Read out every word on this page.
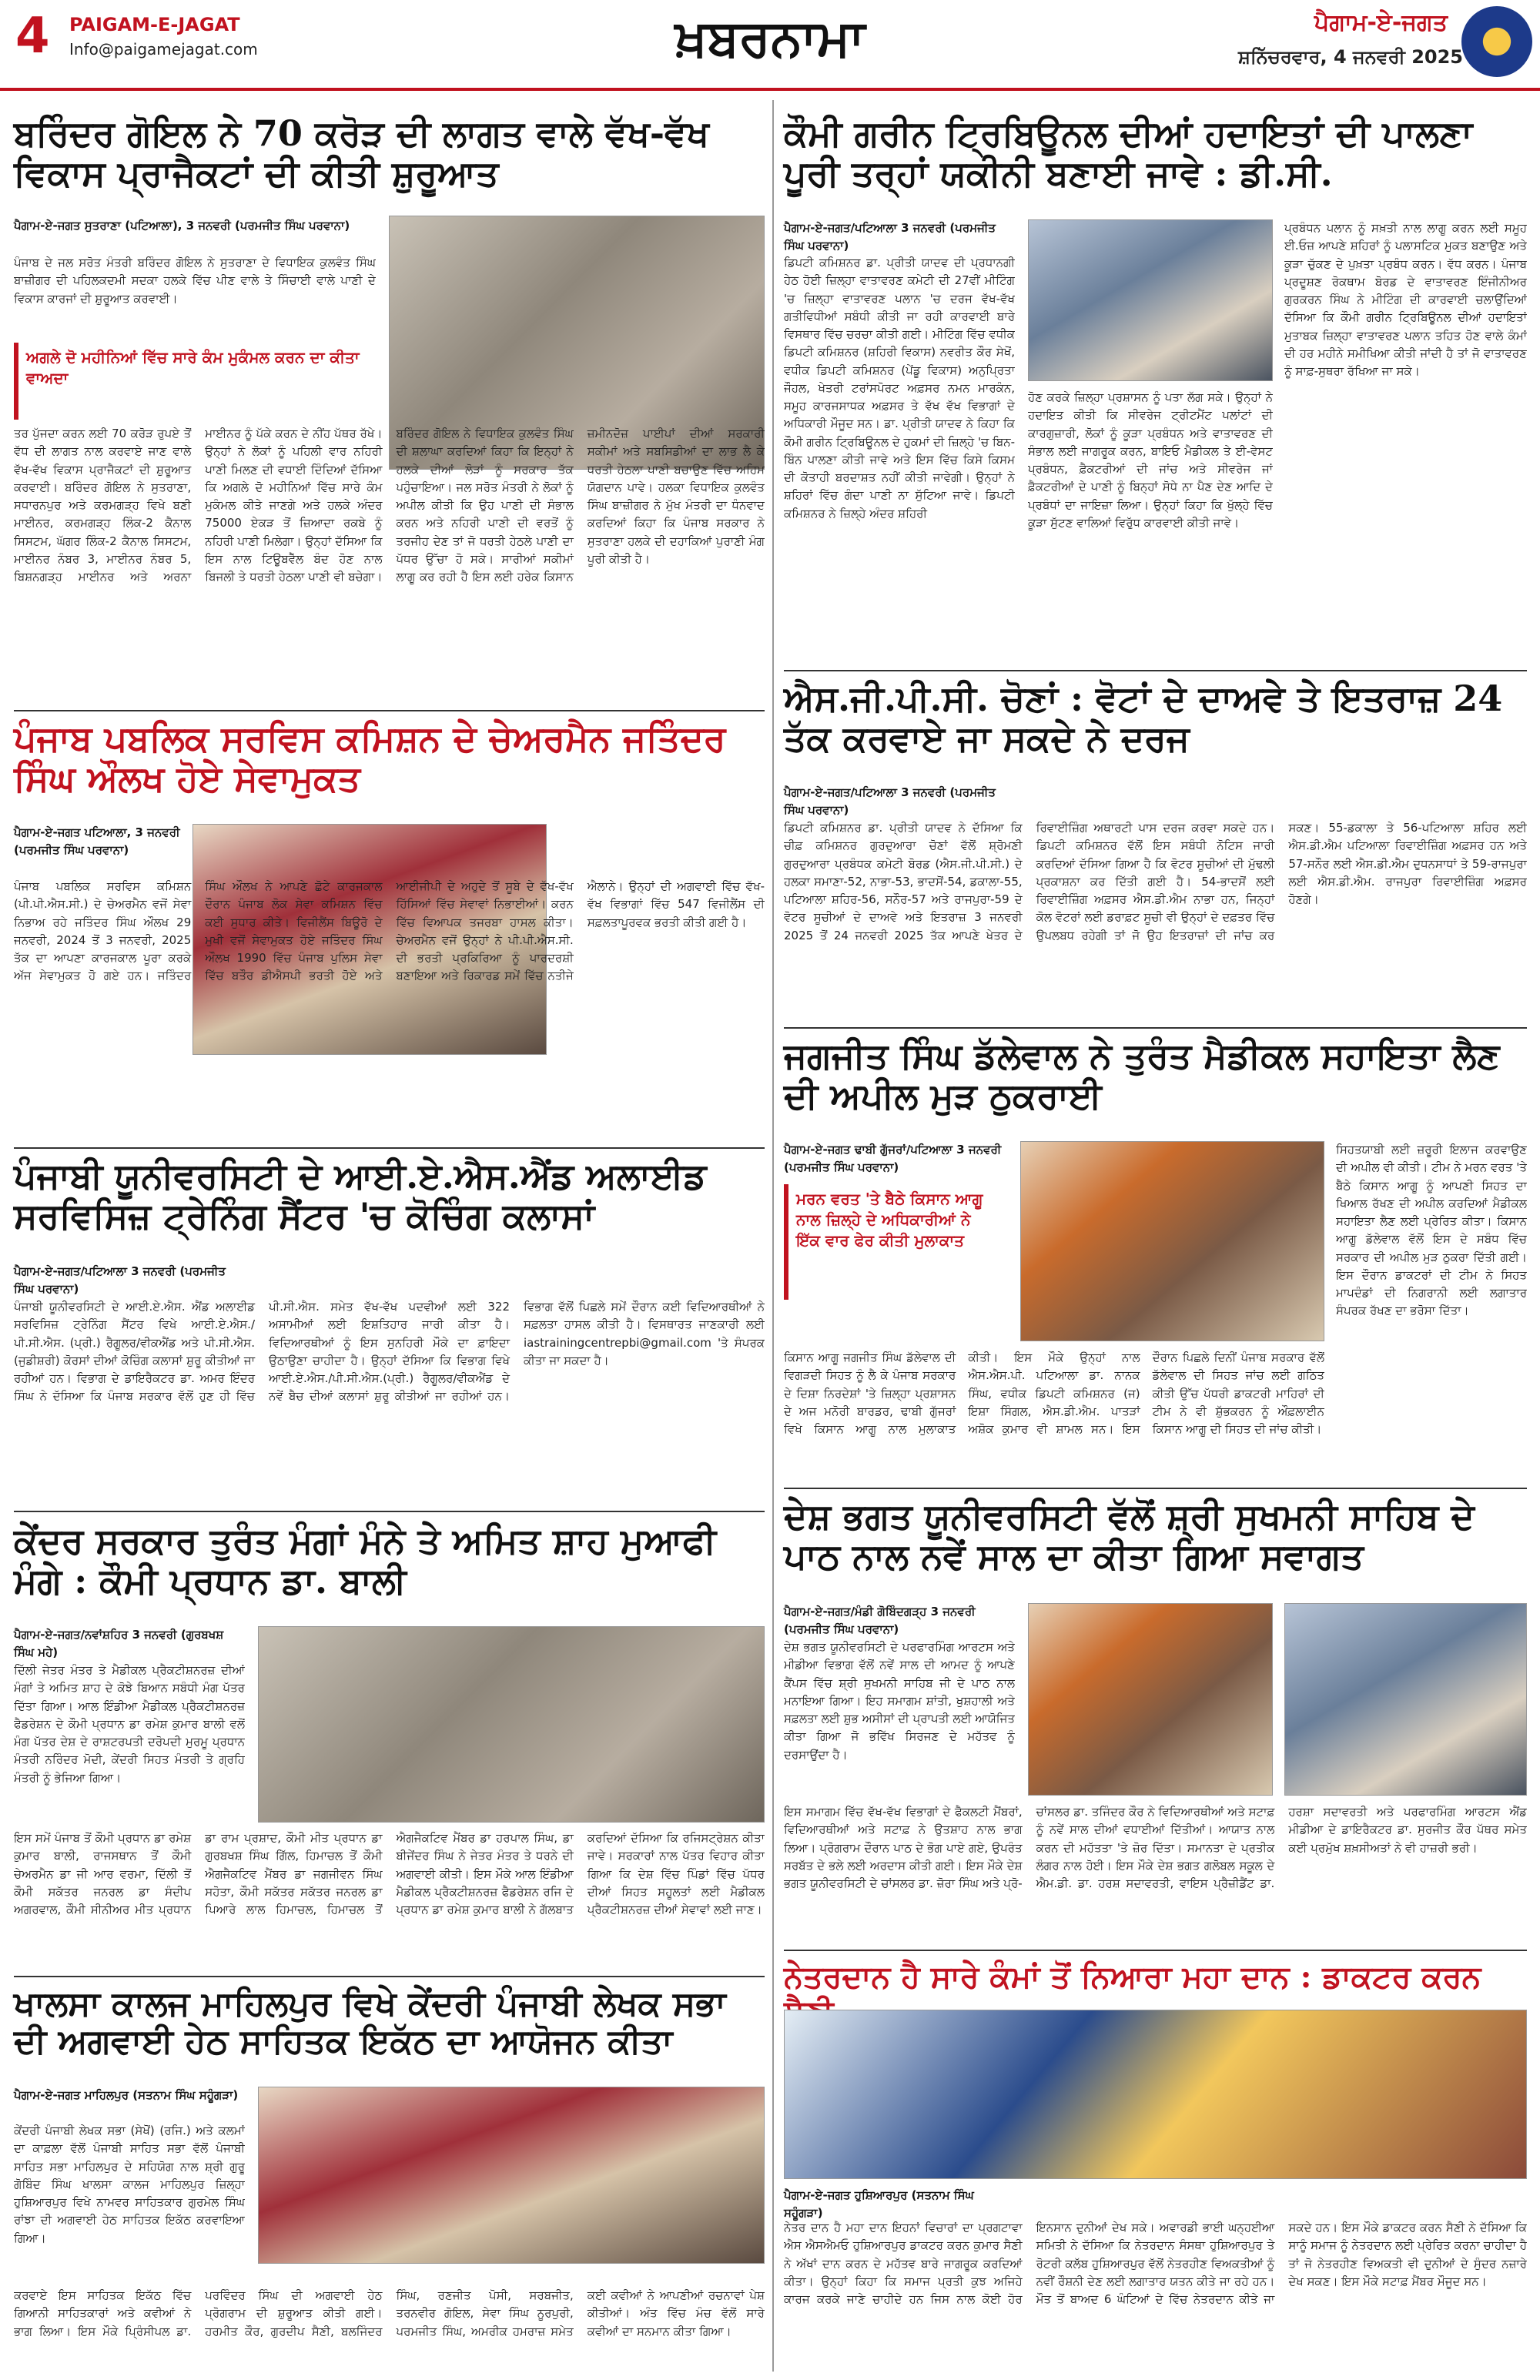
4 PAIGAM-E-JAGAT
Info@paigamejagat.com	ਖ਼ਬਰਨਾਮਾ	ਪੈਗਾਮ-ਏ-ਜਗਤ
ਸ਼ਨਿੱਚਰਵਾਰ, 4 ਜਨਵਰੀ 2025
ਬਰਿੰਦਰ ਗੋਇਲ ਨੇ 70 ਕਰੋੜ ਦੀ ਲਾਗਤ ਵਾਲੇ ਵੱਖ-ਵੱਖ ਵਿਕਾਸ ਪ੍ਰਾਜੈਕਟਾਂ ਦੀ ਕੀਤੀ ਸ਼ੁਰੂਆਤ
ਪੈਗਾਮ-ਏ-ਜਗਤ ਸੁਤਰਾਣਾ (ਪਟਿਆਲਾ), 3 ਜਨਵਰੀ (ਪਰਮਜੀਤ ਸਿੰਘ ਪਰਵਾਨਾ)
ਪੰਜਾਬ ਦੇ ਜਲ ਸਰੋਤ ਮੰਤਰੀ ਬਰਿੰਦਰ ਗੋਇਲ ਨੇ ਸੁਤਰਾਣਾ ਦੇ ਵਿਧਾਇਕ ਕੁਲਵੰਤ ਸਿੰਘ ਬਾਜ਼ੀਗਰ ਦੀ ਪਹਿਲਕਦਮੀ ਸਦਕਾ ਹਲਕੇ ਵਿੱਚ ਪੀਣ ਵਾਲੇ ਤੇ ਸਿੰਚਾਈ ਵਾਲੇ ਪਾਣੀ ਦੇ ਵਿਕਾਸ ਕਾਰਜਾਂ ਦੀ ਸ਼ੁਰੂਆਤ ਕਰਵਾਈ।
ਅਗਲੇ ਦੋ ਮਹੀਨਿਆਂ ਵਿੱਚ ਸਾਰੇ ਕੰਮ ਮੁਕੰਮਲ ਕਰਨ ਦਾ ਕੀਤਾ ਵਾਅਦਾ
ਤਰ ਪੁੱਜਦਾ ਕਰਨ ਲਈ 70 ਕਰੋੜ ਰੁਪਏ ਤੋਂ ਵੱਧ ਦੀ ਲਾਗਤ ਨਾਲ ਕਰਵਾਏ ਜਾਣ ਵਾਲੇ ਵੱਖ-ਵੱਖ ਵਿਕਾਸ ਪ੍ਰਾਜੈਕਟਾਂ ਦੀ ਸ਼ੁਰੂਆਤ ਕਰਵਾਈ। ਬਰਿੰਦਰ ਗੋਇਲ ਨੇ ਸੁਤਰਾਣਾ, ਸਧਾਰਨਪੁਰ ਅਤੇ ਕਰਮਗੜ੍ਹ ਵਿਖੇ ਬਣੀ ਮਾਈਨਰ, ਕਰਮਗੜ੍ਹ ਲਿੰਕ-2 ਕੈਨਾਲ ਸਿਸਟਮ, ਘੱਗਰ ਲਿੰਕ-2 ਕੈਨਾਲ ਸਿਸਟਮ, ਮਾਈਨਰ ਨੰਬਰ 3, ਮਾਈਨਰ ਨੰਬਰ 5, ਬਿਸ਼ਨਗੜ੍ਹ ਮਾਈਨਰ ਅਤੇ ਅਰਨਾ ਮਾਈਨਰ ਨੂੰ ਪੱਕੇ ਕਰਨ ਦੇ ਨੀਂਹ ਪੱਥਰ ਰੱਖੇ। ਉਨ੍ਹਾਂ ਨੇ ਲੋਕਾਂ ਨੂੰ ਪਹਿਲੀ ਵਾਰ ਨਹਿਰੀ ਪਾਣੀ ਮਿਲਣ ਦੀ ਵਧਾਈ ਦਿੰਦਿਆਂ ਦੱਸਿਆ ਕਿ ਅਗਲੇ ਦੋ ਮਹੀਨਿਆਂ ਵਿੱਚ ਸਾਰੇ ਕੰਮ ਮੁਕੰਮਲ ਕੀਤੇ ਜਾਣਗੇ ਅਤੇ ਹਲਕੇ ਅੰਦਰ 75000 ਏਕੜ ਤੋਂ ਜ਼ਿਆਦਾ ਰਕਬੇ ਨੂੰ ਨਹਿਰੀ ਪਾਣੀ ਮਿਲੇਗਾ। ਉਨ੍ਹਾਂ ਦੱਸਿਆ ਕਿ ਇਸ ਨਾਲ ਟਿਊਬਵੈੱਲ ਬੰਦ ਹੋਣ ਨਾਲ ਬਿਜਲੀ ਤੇ ਧਰਤੀ ਹੇਠਲਾ ਪਾਣੀ ਵੀ ਬਚੇਗਾ। ਬਰਿੰਦਰ ਗੋਇਲ ਨੇ ਵਿਧਾਇਕ ਕੁਲਵੰਤ ਸਿੰਘ ਦੀ ਸ਼ਲਾਘਾ ਕਰਦਿਆਂ ਕਿਹਾ ਕਿ ਇਨ੍ਹਾਂ ਨੇ ਹਲਕੇ ਦੀਆਂ ਲੋੜਾਂ ਨੂੰ ਸਰਕਾਰ ਤੱਕ ਪਹੁੰਚਾਇਆ। ਜਲ ਸਰੋਤ ਮੰਤਰੀ ਨੇ ਲੋਕਾਂ ਨੂੰ ਅਪੀਲ ਕੀਤੀ ਕਿ ਉਹ ਪਾਣੀ ਦੀ ਸੰਭਾਲ ਕਰਨ ਅਤੇ ਨਹਿਰੀ ਪਾਣੀ ਦੀ ਵਰਤੋਂ ਨੂੰ ਤਰਜੀਹ ਦੇਣ ਤਾਂ ਜੋ ਧਰਤੀ ਹੇਠਲੇ ਪਾਣੀ ਦਾ ਪੱਧਰ ਉੱਚਾ ਹੋ ਸਕੇ। ਸਾਰੀਆਂ ਸਕੀਮਾਂ ਲਾਗੂ ਕਰ ਰਹੀ ਹੈ ਇਸ ਲਈ ਹਰੇਕ ਕਿਸਾਨ ਜ਼ਮੀਨਦੋਜ਼ ਪਾਈਪਾਂ ਦੀਆਂ ਸਰਕਾਰੀ ਸਕੀਮਾਂ ਅਤੇ ਸਬਸਿਡੀਆਂ ਦਾ ਲਾਭ ਲੈ ਕੇ ਧਰਤੀ ਹੇਠਲਾ ਪਾਣੀ ਬਚਾਉਣ ਵਿੱਚ ਅਹਿਮ ਯੋਗਦਾਨ ਪਾਵੇ। ਹਲਕਾ ਵਿਧਾਇਕ ਕੁਲਵੰਤ ਸਿੰਘ ਬਾਜ਼ੀਗਰ ਨੇ ਮੁੱਖ ਮੰਤਰੀ ਦਾ ਧੰਨਵਾਦ ਕਰਦਿਆਂ ਕਿਹਾ ਕਿ ਪੰਜਾਬ ਸਰਕਾਰ ਨੇ ਸੁਤਰਾਣਾ ਹਲਕੇ ਦੀ ਦਹਾਕਿਆਂ ਪੁਰਾਣੀ ਮੰਗ ਪੂਰੀ ਕੀਤੀ ਹੈ।
ਕੌਮੀ ਗਰੀਨ ਟ੍ਰਿਬਿਊਨਲ ਦੀਆਂ ਹਦਾਇਤਾਂ ਦੀ ਪਾਲਣਾ ਪੂਰੀ ਤਰ੍ਹਾਂ ਯਕੀਨੀ ਬਣਾਈ ਜਾਵੇ : ਡੀ.ਸੀ.
ਪੈਗਾਮ-ਏ-ਜਗਤ/ਪਟਿਆਲਾ 3 ਜਨਵਰੀ (ਪਰਮਜੀਤ ਸਿੰਘ ਪਰਵਾਨਾ)
ਡਿਪਟੀ ਕਮਿਸ਼ਨਰ ਡਾ. ਪ੍ਰੀਤੀ ਯਾਦਵ ਦੀ ਪ੍ਰਧਾਨਗੀ ਹੇਠ ਹੋਈ ਜ਼ਿਲ੍ਹਾ ਵਾਤਾਵਰਣ ਕਮੇਟੀ ਦੀ 27ਵੀਂ ਮੀਟਿੰਗ 'ਚ ਜ਼ਿਲ੍ਹਾ ਵਾਤਾਵਰਣ ਪਲਾਨ 'ਚ ਦਰਜ ਵੱਖ-ਵੱਖ ਗਤੀਵਿਧੀਆਂ ਸਬੰਧੀ ਕੀਤੀ ਜਾ ਰਹੀ ਕਾਰਵਾਈ ਬਾਰੇ ਵਿਸਥਾਰ ਵਿੱਚ ਚਰਚਾ ਕੀਤੀ ਗਈ। ਮੀਟਿੰਗ ਵਿੱਚ ਵਧੀਕ ਡਿਪਟੀ ਕਮਿਸ਼ਨਰ (ਸ਼ਹਿਰੀ ਵਿਕਾਸ) ਨਵਰੀਤ ਕੌਰ ਸੇਖੋਂ, ਵਧੀਕ ਡਿਪਟੀ ਕਮਿਸ਼ਨਰ (ਪੇਂਡੂ ਵਿਕਾਸ) ਅਨੁਪ੍ਰਿਤਾ ਜੌਹਲ, ਖੇਤਰੀ ਟਰਾਂਸਪੋਰਟ ਅਫ਼ਸਰ ਨਮਨ ਮਾਰਕੰਨ, ਸਮੂਹ ਕਾਰਜਸਾਧਕ ਅਫ਼ਸਰ ਤੇ ਵੱਖ ਵੱਖ ਵਿਭਾਗਾਂ ਦੇ ਅਧਿਕਾਰੀ ਮੌਜੂਦ ਸਨ। ਡਾ. ਪ੍ਰੀਤੀ ਯਾਦਵ ਨੇ ਕਿਹਾ ਕਿ ਕੌਮੀ ਗਰੀਨ ਟ੍ਰਿਬਿਊਨਲ ਦੇ ਹੁਕਮਾਂ ਦੀ ਜ਼ਿਲ੍ਹੇ 'ਚ ਬਿਨ-ਬਿੰਨ ਪਾਲਣਾ ਕੀਤੀ ਜਾਵੇ ਅਤੇ ਇਸ ਵਿੱਚ ਕਿਸੇ ਕਿਸਮ ਦੀ ਕੋਤਾਹੀ ਬਰਦਾਸ਼ਤ ਨਹੀਂ ਕੀਤੀ ਜਾਵੇਗੀ। ਉਨ੍ਹਾਂ ਨੇ ਸ਼ਹਿਰਾਂ ਵਿੱਚ ਗੰਦਾ ਪਾਣੀ ਨਾ ਸੁੱਟਿਆ ਜਾਵੇ। ਡਿਪਟੀ ਕਮਿਸ਼ਨਰ ਨੇ ਜ਼ਿਲ੍ਹੇ ਅੰਦਰ ਸ਼ਹਿਰੀ
ਹੋਣ ਕਰਕੇ ਜ਼ਿਲ੍ਹਾ ਪ੍ਰਸ਼ਾਸਨ ਨੂੰ ਪਤਾ ਲੱਗ ਸਕੇ। ਉਨ੍ਹਾਂ ਨੇ ਹਦਾਇਤ ਕੀਤੀ ਕਿ ਸੀਵਰੇਜ ਟ੍ਰੀਟਮੈਂਟ ਪਲਾਂਟਾਂ ਦੀ ਕਾਰਗੁਜ਼ਾਰੀ, ਲੋਕਾਂ ਨੂੰ ਕੂੜਾ ਪ੍ਰਬੰਧਨ ਅਤੇ ਵਾਤਾਵਰਣ ਦੀ ਸੰਭਾਲ ਲਈ ਜਾਗਰੂਕ ਕਰਨ, ਬਾਇਓ ਮੈਡੀਕਲ ਤੇ ਈ-ਵੇਸਟ ਪ੍ਰਬੰਧਨ, ਫ਼ੈਕਟਰੀਆਂ ਦੀ ਜਾਂਚ ਅਤੇ ਸੀਵਰੇਜ ਜਾਂ ਫ਼ੈਕਟਰੀਆਂ ਦੇ ਪਾਣੀ ਨੂੰ ਬਿਨ੍ਹਾਂ ਸੋਧੇ ਨਾ ਪੈਣ ਦੇਣ ਆਦਿ ਦੇ ਪ੍ਰਬੰਧਾਂ ਦਾ ਜਾਇਜ਼ਾ ਲਿਆ। ਉਨ੍ਹਾਂ ਕਿਹਾ ਕਿ ਖੁੱਲ੍ਹੇ ਵਿੱਚ ਕੂੜਾ ਸੁੱਟਣ ਵਾਲਿਆਂ ਵਿਰੁੱਧ ਕਾਰਵਾਈ ਕੀਤੀ ਜਾਵੇ।
ਪ੍ਰਬੰਧਨ ਪਲਾਨ ਨੂੰ ਸਖ਼ਤੀ ਨਾਲ ਲਾਗੂ ਕਰਨ ਲਈ ਸਮੂਹ ਈ.ਓਜ਼ ਆਪਣੇ ਸ਼ਹਿਰਾਂ ਨੂੰ ਪਲਾਸਟਿਕ ਮੁਕਤ ਬਣਾਉਣ ਅਤੇ ਕੂੜਾ ਚੁੱਕਣ ਦੇ ਪੁਖ਼ਤਾ ਪ੍ਰਬੰਧ ਕਰਨ। ਵੱਧ ਕਰਨ। ਪੰਜਾਬ ਪ੍ਰਦੂਸ਼ਣ ਰੋਕਥਾਮ ਬੋਰਡ ਦੇ ਵਾਤਾਵਰਣ ਇੰਜੀਨੀਅਰ ਗੁਰਕਰਨ ਸਿੰਘ ਨੇ ਮੀਟਿੰਗ ਦੀ ਕਾਰਵਾਈ ਚਲਾਉਂਦਿਆਂ ਦੱਸਿਆ ਕਿ ਕੌਮੀ ਗਰੀਨ ਟ੍ਰਿਬਿਊਨਲ ਦੀਆਂ ਹਦਾਇਤਾਂ ਮੁਤਾਬਕ ਜ਼ਿਲ੍ਹਾ ਵਾਤਾਵਰਣ ਪਲਾਨ ਤਹਿਤ ਹੋਣ ਵਾਲੇ ਕੰਮਾਂ ਦੀ ਹਰ ਮਹੀਨੇ ਸਮੀਖਿਆ ਕੀਤੀ ਜਾਂਦੀ ਹੈ ਤਾਂ ਜੋ ਵਾਤਾਵਰਣ ਨੂੰ ਸਾਫ਼-ਸੁਥਰਾ ਰੱਖਿਆ ਜਾ ਸਕੇ।
ਐਸ.ਜੀ.ਪੀ.ਸੀ. ਚੋਣਾਂ : ਵੋਟਾਂ ਦੇ ਦਾਅਵੇ ਤੇ ਇਤਰਾਜ਼ 24 ਤੱਕ ਕਰਵਾਏ ਜਾ ਸਕਦੇ ਨੇ ਦਰਜ
ਪੈਗਾਮ-ਏ-ਜਗਤ/ਪਟਿਆਲਾ 3 ਜਨਵਰੀ (ਪਰਮਜੀਤ ਸਿੰਘ ਪਰਵਾਨਾ)
ਡਿਪਟੀ ਕਮਿਸ਼ਨਰ ਡਾ. ਪ੍ਰੀਤੀ ਯਾਦਵ ਨੇ ਦੱਸਿਆ ਕਿ ਚੀਫ਼ ਕਮਿਸ਼ਨਰ ਗੁਰਦੁਆਰਾ ਚੋਣਾਂ ਵੱਲੋਂ ਸ਼੍ਰੋਮਣੀ ਗੁਰਦੁਆਰਾ ਪ੍ਰਬੰਧਕ ਕਮੇਟੀ ਬੋਰਡ (ਐਸ.ਜੀ.ਪੀ.ਸੀ.) ਦੇ ਹਲਕਾ ਸਮਾਣਾ-52, ਨਾਭਾ-53, ਭਾਦਸੋਂ-54, ਡਕਾਲਾ-55, ਪਟਿਆਲਾ ਸ਼ਹਿਰ-56, ਸਨੌਰ-57 ਅਤੇ ਰਾਜਪੁਰਾ-59 ਦੇ ਵੋਟਰ ਸੂਚੀਆਂ ਦੇ ਦਾਅਵੇ ਅਤੇ ਇਤਰਾਜ਼ 3 ਜਨਵਰੀ 2025 ਤੋਂ 24 ਜਨਵਰੀ 2025 ਤੱਕ ਆਪਣੇ ਖੇਤਰ ਦੇ ਰਿਵਾਈਜ਼ਿੰਗ ਅਥਾਰਟੀ ਪਾਸ ਦਰਜ ਕਰਵਾ ਸਕਦੇ ਹਨ। ਡਿਪਟੀ ਕਮਿਸ਼ਨਰ ਵੱਲੋਂ ਇਸ ਸਬੰਧੀ ਨੋਟਿਸ ਜਾਰੀ ਕਰਦਿਆਂ ਦੱਸਿਆ ਗਿਆ ਹੈ ਕਿ ਵੋਟਰ ਸੂਚੀਆਂ ਦੀ ਮੁੱਢਲੀ ਪ੍ਰਕਾਸ਼ਨਾ ਕਰ ਦਿੱਤੀ ਗਈ ਹੈ। 54-ਭਾਦਸੋਂ ਲਈ ਰਿਵਾਈਜ਼ਿੰਗ ਅਫ਼ਸਰ ਐਸ.ਡੀ.ਐਮ ਨਾਭਾ ਹਨ, ਜਿਨ੍ਹਾਂ ਕੋਲ ਵੋਟਰਾਂ ਲਈ ਡਰਾਫ਼ਟ ਸੂਚੀ ਵੀ ਉਨ੍ਹਾਂ ਦੇ ਦਫ਼ਤਰ ਵਿੱਚ ਉਪਲਬਧ ਰਹੇਗੀ ਤਾਂ ਜੋ ਉਹ ਇਤਰਾਜ਼ਾਂ ਦੀ ਜਾਂਚ ਕਰ ਸਕਣ। 55-ਡਕਾਲਾ ਤੇ 56-ਪਟਿਆਲਾ ਸ਼ਹਿਰ ਲਈ ਐਸ.ਡੀ.ਐਮ ਪਟਿਆਲਾ ਰਿਵਾਈਜ਼ਿੰਗ ਅਫ਼ਸਰ ਹਨ ਅਤੇ 57-ਸਨੌਰ ਲਈ ਐਸ.ਡੀ.ਐਮ ਦੁਧਨਸਾਧਾਂ ਤੇ 59-ਰਾਜਪੁਰਾ ਲਈ ਐਸ.ਡੀ.ਐਮ. ਰਾਜਪੁਰਾ ਰਿਵਾਈਜ਼ਿੰਗ ਅਫ਼ਸਰ ਹੋਣਗੇ।
ਪੰਜਾਬ ਪਬਲਿਕ ਸਰਵਿਸ ਕਮਿਸ਼ਨ ਦੇ ਚੇਅਰਮੈਨ ਜਤਿੰਦਰ ਸਿੰਘ ਔਲਖ ਹੋਏ ਸੇਵਾਮੁਕਤ
ਪੈਗਾਮ-ਏ-ਜਗਤ ਪਟਿਆਲਾ, 3 ਜਨਵਰੀ (ਪਰਮਜੀਤ ਸਿੰਘ ਪਰਵਾਨਾ)
ਪੰਜਾਬ ਪਬਲਿਕ ਸਰਵਿਸ ਕਮਿਸ਼ਨ (ਪੀ.ਪੀ.ਐਸ.ਸੀ.) ਦੇ ਚੇਅਰਮੈਨ ਵਜੋਂ ਸੇਵਾ ਨਿਭਾਅ ਰਹੇ ਜਤਿੰਦਰ ਸਿੰਘ ਔਲਖ 29 ਜਨਵਰੀ, 2024 ਤੋਂ 3 ਜਨਵਰੀ, 2025 ਤੱਕ ਦਾ ਆਪਣਾ ਕਾਰਜਕਾਲ ਪੂਰਾ ਕਰਕੇ ਅੱਜ ਸੇਵਾਮੁਕਤ ਹੋ ਗਏ ਹਨ। ਜਤਿੰਦਰ ਸਿੰਘ ਔਲਖ ਨੇ ਆਪਣੇ ਛੋਟੇ ਕਾਰਜਕਾਲ ਦੌਰਾਨ ਪੰਜਾਬ ਲੋਕ ਸੇਵਾ ਕਮਿਸ਼ਨ ਵਿੱਚ ਕਈ ਸੁਧਾਰ ਕੀਤੇ। ਵਿਜੀਲੈਂਸ ਬਿਊਰੋ ਦੇ ਮੁਖੀ ਵਜੋਂ ਸੇਵਾਮੁਕਤ ਹੋਏ ਜਤਿੰਦਰ ਸਿੰਘ ਔਲਖ 1990 ਵਿੱਚ ਪੰਜਾਬ ਪੁਲਿਸ ਸੇਵਾ ਵਿੱਚ ਬਤੌਰ ਡੀਐਸਪੀ ਭਰਤੀ ਹੋਏ ਅਤੇ ਆਈਜੀਪੀ ਦੇ ਅਹੁਦੇ ਤੋਂ ਸੂਬੇ ਦੇ ਵੱਖ-ਵੱਖ ਹਿੱਸਿਆਂ ਵਿੱਚ ਸੇਵਾਵਾਂ ਨਿਭਾਈਆਂ। ਕਰਨ ਵਿੱਚ ਵਿਆਪਕ ਤਜਰਬਾ ਹਾਸਲ ਕੀਤਾ। ਚੇਅਰਮੈਨ ਵਜੋਂ ਉਨ੍ਹਾਂ ਨੇ ਪੀ.ਪੀ.ਐਸ.ਸੀ. ਦੀ ਭਰਤੀ ਪ੍ਰਕਿਰਿਆ ਨੂੰ ਪਾਰਦਰਸ਼ੀ ਬਣਾਇਆ ਅਤੇ ਰਿਕਾਰਡ ਸਮੇਂ ਵਿੱਚ ਨਤੀਜੇ ਐਲਾਨੇ। ਉਨ੍ਹਾਂ ਦੀ ਅਗਵਾਈ ਵਿੱਚ ਵੱਖ-ਵੱਖ ਵਿਭਾਗਾਂ ਵਿੱਚ 547 ਵਿਜੀਲੈਂਸ ਦੀ ਸਫ਼ਲਤਾਪੂਰਵਕ ਭਰਤੀ ਕੀਤੀ ਗਈ ਹੈ।
ਜਗਜੀਤ ਸਿੰਘ ਡੱਲੇਵਾਲ ਨੇ ਤੁਰੰਤ ਮੈਡੀਕਲ ਸਹਾਇਤਾ ਲੈਣ ਦੀ ਅਪੀਲ ਮੁੜ ਠੁਕਰਾਈ
ਪੈਗਾਮ-ਏ-ਜਗਤ ਢਾਬੀ ਗੁੱਜਰਾਂ/ਪਟਿਆਲਾ 3 ਜਨਵਰੀ (ਪਰਮਜੀਤ ਸਿੰਘ ਪਰਵਾਨਾ)
ਮਰਨ ਵਰਤ 'ਤੇ ਬੈਠੇ ਕਿਸਾਨ ਆਗੂ ਨਾਲ ਜ਼ਿਲ੍ਹੇ ਦੇ ਅਧਿਕਾਰੀਆਂ ਨੇ ਇੱਕ ਵਾਰ ਫੇਰ ਕੀਤੀ ਮੁਲਾਕਾਤ
ਕਿਸਾਨ ਆਗੂ ਜਗਜੀਤ ਸਿੰਘ ਡੱਲੇਵਾਲ ਦੀ ਵਿਗੜਦੀ ਸਿਹਤ ਨੂੰ ਲੈ ਕੇ ਪੰਜਾਬ ਸਰਕਾਰ ਦੇ ਦਿਸ਼ਾ ਨਿਰਦੇਸ਼ਾਂ 'ਤੇ ਜ਼ਿਲ੍ਹਾ ਪ੍ਰਸ਼ਾਸਨ ਦੇ ਅਜ ਮਨੋਰੀ ਬਾਰਡਰ, ਢਾਬੀ ਗੁੱਜਰਾਂ ਵਿਖੇ ਕਿਸਾਨ ਆਗੂ ਨਾਲ ਮੁਲਾਕਾਤ ਕੀਤੀ। ਇਸ ਮੌਕੇ ਉਨ੍ਹਾਂ ਨਾਲ ਐਸ.ਐਸ.ਪੀ. ਪਟਿਆਲਾ ਡਾ. ਨਾਨਕ ਸਿੰਘ, ਵਧੀਕ ਡਿਪਟੀ ਕਮਿਸ਼ਨਰ (ਜ) ਇਸ਼ਾ ਸਿੰਗਲ, ਐਸ.ਡੀ.ਐਮ. ਪਾਤੜਾਂ ਅਸ਼ੋਕ ਕੁਮਾਰ ਵੀ ਸ਼ਾਮਲ ਸਨ। ਇਸ ਦੌਰਾਨ ਪਿਛਲੇ ਦਿਨੀਂ ਪੰਜਾਬ ਸਰਕਾਰ ਵੱਲੋਂ ਡੱਲੇਵਾਲ ਦੀ ਸਿਹਤ ਜਾਂਚ ਲਈ ਗਠਿਤ ਕੀਤੀ ਉੱਚ ਪੱਧਰੀ ਡਾਕਟਰੀ ਮਾਹਿਰਾਂ ਦੀ ਟੀਮ ਨੇ ਵੀ ਸ਼ੁੱਭਕਰਨ ਨੂੰ ਔਫ਼ਲਾਈਨ ਕਿਸਾਨ ਆਗੂ ਦੀ ਸਿਹਤ ਦੀ ਜਾਂਚ ਕੀਤੀ।
ਸਿਹਤਯਾਬੀ ਲਈ ਜ਼ਰੂਰੀ ਇਲਾਜ ਕਰਵਾਉਣ ਦੀ ਅਪੀਲ ਵੀ ਕੀਤੀ। ਟੀਮ ਨੇ ਮਰਨ ਵਰਤ 'ਤੇ ਬੈਠੇ ਕਿਸਾਨ ਆਗੂ ਨੂੰ ਆਪਣੀ ਸਿਹਤ ਦਾ ਖਿਆਲ ਰੱਖਣ ਦੀ ਅਪੀਲ ਕਰਦਿਆਂ ਮੈਡੀਕਲ ਸਹਾਇਤਾ ਲੈਣ ਲਈ ਪ੍ਰੇਰਿਤ ਕੀਤਾ। ਕਿਸਾਨ ਆਗੂ ਡੱਲੇਵਾਲ ਵੱਲੋਂ ਇਸ ਦੇ ਸਬੰਧ ਵਿੱਚ ਸਰਕਾਰ ਦੀ ਅਪੀਲ ਮੁੜ ਠੁਕਰਾ ਦਿੱਤੀ ਗਈ। ਇਸ ਦੌਰਾਨ ਡਾਕਟਰਾਂ ਦੀ ਟੀਮ ਨੇ ਸਿਹਤ ਮਾਪਦੰਡਾਂ ਦੀ ਨਿਗਰਾਨੀ ਲਈ ਲਗਾਤਾਰ ਸੰਪਰਕ ਰੱਖਣ ਦਾ ਭਰੋਸਾ ਦਿੱਤਾ।
ਪੰਜਾਬੀ ਯੂਨੀਵਰਸਿਟੀ ਦੇ ਆਈ.ਏ.ਐਸ.ਐਂਡ ਅਲਾਈਡ ਸਰਵਿਸਿਜ਼ ਟ੍ਰੇਨਿੰਗ ਸੈਂਟਰ 'ਚ ਕੋਚਿੰਗ ਕਲਾਸਾਂ
ਪੈਗਾਮ-ਏ-ਜਗਤ/ਪਟਿਆਲਾ 3 ਜਨਵਰੀ (ਪਰਮਜੀਤ ਸਿੰਘ ਪਰਵਾਨਾ)
ਪੰਜਾਬੀ ਯੂਨੀਵਰਸਿਟੀ ਦੇ ਆਈ.ਏ.ਐਸ. ਐਂਡ ਅਲਾਈਡ ਸਰਵਿਸਿਜ਼ ਟ੍ਰੇਨਿੰਗ ਸੈਂਟਰ ਵਿਖੇ ਆਈ.ਏ.ਐਸ./ਪੀ.ਸੀ.ਐਸ. (ਪ੍ਰੀ.) ਰੈਗੂਲਰ/ਵੀਕਐਂਡ ਅਤੇ ਪੀ.ਸੀ.ਐਸ. (ਜੁਡੀਸ਼ਰੀ) ਕੋਰਸਾਂ ਦੀਆਂ ਕੋਚਿੰਗ ਕਲਾਸਾਂ ਸ਼ੁਰੂ ਕੀਤੀਆਂ ਜਾ ਰਹੀਆਂ ਹਨ। ਵਿਭਾਗ ਦੇ ਡਾਇਰੈਕਟਰ ਡਾ. ਅਮਰ ਇੰਦਰ ਸਿੰਘ ਨੇ ਦੱਸਿਆ ਕਿ ਪੰਜਾਬ ਸਰਕਾਰ ਵੱਲੋਂ ਹੁਣ ਹੀ ਵਿੱਚ ਪੀ.ਸੀ.ਐਸ. ਸਮੇਤ ਵੱਖ-ਵੱਖ ਪਦਵੀਆਂ ਲਈ 322 ਅਸਾਮੀਆਂ ਲਈ ਇਸ਼ਤਿਹਾਰ ਜਾਰੀ ਕੀਤਾ ਹੈ। ਵਿਦਿਆਰਥੀਆਂ ਨੂੰ ਇਸ ਸੁਨਹਿਰੀ ਮੌਕੇ ਦਾ ਫ਼ਾਇਦਾ ਉਠਾਉਣਾ ਚਾਹੀਦਾ ਹੈ। ਉਨ੍ਹਾਂ ਦੱਸਿਆ ਕਿ ਵਿਭਾਗ ਵਿਖੇ ਆਈ.ਏ.ਐਸ./ਪੀ.ਸੀ.ਐਸ.(ਪ੍ਰੀ.) ਰੈਗੂਲਰ/ਵੀਕਐਂਡ ਦੇ ਨਵੇਂ ਬੈਚ ਦੀਆਂ ਕਲਾਸਾਂ ਸ਼ੁਰੂ ਕੀਤੀਆਂ ਜਾ ਰਹੀਆਂ ਹਨ। ਵਿਭਾਗ ਵੱਲੋਂ ਪਿਛਲੇ ਸਮੇਂ ਦੌਰਾਨ ਕਈ ਵਿਦਿਆਰਥੀਆਂ ਨੇ ਸਫ਼ਲਤਾ ਹਾਸਲ ਕੀਤੀ ਹੈ। ਵਿਸਥਾਰਤ ਜਾਣਕਾਰੀ ਲਈ iastrainingcentrepbi@gmail.com 'ਤੇ ਸੰਪਰਕ ਕੀਤਾ ਜਾ ਸਕਦਾ ਹੈ।
ਦੇਸ਼ ਭਗਤ ਯੂਨੀਵਰਸਿਟੀ ਵੱਲੋਂ ਸ਼੍ਰੀ ਸੁਖਮਨੀ ਸਾਹਿਬ ਦੇ ਪਾਠ ਨਾਲ ਨਵੇਂ ਸਾਲ ਦਾ ਕੀਤਾ ਗਿਆ ਸਵਾਗਤ
ਪੈਗਾਮ-ਏ-ਜਗਤ/ਮੰਡੀ ਗੋਬਿੰਦਗੜ੍ਹ 3 ਜਨਵਰੀ (ਪਰਮਜੀਤ ਸਿੰਘ ਪਰਵਾਨਾ)
ਦੇਸ਼ ਭਗਤ ਯੂਨੀਵਰਸਿਟੀ ਦੇ ਪਰਫਾਰਮਿੰਗ ਆਰਟਸ ਅਤੇ ਮੀਡੀਆ ਵਿਭਾਗ ਵੱਲੋਂ ਨਵੇਂ ਸਾਲ ਦੀ ਆਮਦ ਨੂੰ ਆਪਣੇ ਕੈਂਪਸ ਵਿੱਚ ਸ਼੍ਰੀ ਸੁਖਮਨੀ ਸਾਹਿਬ ਜੀ ਦੇ ਪਾਠ ਨਾਲ ਮਨਾਇਆ ਗਿਆ। ਇਹ ਸਮਾਗਮ ਸ਼ਾਂਤੀ, ਖੁਸ਼ਹਾਲੀ ਅਤੇ ਸਫ਼ਲਤਾ ਲਈ ਸ਼ੁਭ ਅਸੀਸਾਂ ਦੀ ਪ੍ਰਾਪਤੀ ਲਈ ਆਯੋਜਿਤ ਕੀਤਾ ਗਿਆ ਜੋ ਭਵਿੱਖ ਸਿਰਜਣ ਦੇ ਮਹੱਤਵ ਨੂੰ ਦਰਸਾਉਂਦਾ ਹੈ।
ਇਸ ਸਮਾਗਮ ਵਿੱਚ ਵੱਖ-ਵੱਖ ਵਿਭਾਗਾਂ ਦੇ ਫੈਕਲਟੀ ਮੈਂਬਰਾਂ, ਵਿਦਿਆਰਥੀਆਂ ਅਤੇ ਸਟਾਫ਼ ਨੇ ਉਤਸ਼ਾਹ ਨਾਲ ਭਾਗ ਲਿਆ। ਪ੍ਰੋਗਰਾਮ ਦੌਰਾਨ ਪਾਠ ਦੇ ਭੋਗ ਪਾਏ ਗਏ, ਉਪਰੰਤ ਸਰਬੱਤ ਦੇ ਭਲੇ ਲਈ ਅਰਦਾਸ ਕੀਤੀ ਗਈ। ਇਸ ਮੌਕੇ ਦੇਸ਼ ਭਗਤ ਯੂਨੀਵਰਸਿਟੀ ਦੇ ਚਾਂਸਲਰ ਡਾ. ਜ਼ੋਰਾ ਸਿੰਘ ਅਤੇ ਪ੍ਰੋ-ਚਾਂਸਲਰ ਡਾ. ਤਜਿੰਦਰ ਕੌਰ ਨੇ ਵਿਦਿਆਰਥੀਆਂ ਅਤੇ ਸਟਾਫ਼ ਨੂੰ ਨਵੇਂ ਸਾਲ ਦੀਆਂ ਵਧਾਈਆਂ ਦਿੱਤੀਆਂ। ਆਯਾਤ ਨਾਲ ਕਰਨ ਦੀ ਮਹੱਤਤਾ 'ਤੇ ਜ਼ੋਰ ਦਿੱਤਾ। ਸਮਾਨਤਾ ਦੇ ਪ੍ਰਤੀਕ ਲੰਗਰ ਨਾਲ ਹੋਈ। ਇਸ ਮੌਕੇ ਦੇਸ਼ ਭਗਤ ਗਲੋਬਲ ਸਕੂਲ ਦੇ ਐਮ.ਡੀ. ਡਾ. ਹਰਸ਼ ਸਦਾਵਰਤੀ, ਵਾਇਸ ਪ੍ਰੈਜ਼ੀਡੈਂਟ ਡਾ. ਹਰਸ਼ਾ ਸਦਾਵਰਤੀ ਅਤੇ ਪਰਫਾਰਮਿੰਗ ਆਰਟਸ ਐਂਡ ਮੀਡੀਆ ਦੇ ਡਾਇਰੈਕਟਰ ਡਾ. ਸੁਰਜੀਤ ਕੌਰ ਪੱਥਰ ਸਮੇਤ ਕਈ ਪ੍ਰਮੁੱਖ ਸ਼ਖ਼ਸੀਅਤਾਂ ਨੇ ਵੀ ਹਾਜ਼ਰੀ ਭਰੀ।
ਕੇਂਦਰ ਸਰਕਾਰ ਤੁਰੰਤ ਮੰਗਾਂ ਮੰਨੇ ਤੇ ਅਮਿਤ ਸ਼ਾਹ ਮੁਆਫੀ ਮੰਗੇ : ਕੌਮੀ ਪ੍ਰਧਾਨ ਡਾ. ਬਾਲੀ
ਪੈਗਾਮ-ਏ-ਜਗਤ/ਨਵਾਂਸ਼ਹਿਰ 3 ਜਨਵਰੀ (ਗੁਰਬਖਸ਼ ਸਿੰਘ ਮਹੇ)
ਦਿੱਲੀ ਜੇਤਰ ਮੰਤਰ ਤੇ ਮੈਡੀਕਲ ਪ੍ਰੈਕਟੀਸ਼ਨਰਜ਼ ਦੀਆਂ ਮੰਗਾਂ ਤੇ ਅਮਿਤ ਸ਼ਾਹ ਦੇ ਕੋਝੇ ਬਿਆਨ ਸਬੰਧੀ ਮੰਗ ਪੱਤਰ ਦਿੱਤਾ ਗਿਆ। ਆਲ ਇੰਡੀਆ ਮੈਡੀਕਲ ਪ੍ਰੈਕਟੀਸ਼ਨਰਜ਼ ਫੈਡਰੇਸ਼ਨ ਦੇ ਕੌਮੀ ਪ੍ਰਧਾਨ ਡਾ ਰਮੇਸ਼ ਕੁਮਾਰ ਬਾਲੀ ਵਲੋਂ ਮੰਗ ਪੱਤਰ ਦੇਸ਼ ਦੇ ਰਾਸ਼ਟਰਪਤੀ ਦਰੋਪਦੀ ਮੁਰਮੂ ਪ੍ਰਧਾਨ ਮੰਤਰੀ ਨਰਿੰਦਰ ਮੋਦੀ, ਕੇਂਦਰੀ ਸਿਹਤ ਮੰਤਰੀ ਤੇ ਗ੍ਰਹਿ ਮੰਤਰੀ ਨੂੰ ਭੇਜਿਆ ਗਿਆ।
ਇਸ ਸਮੇਂ ਪੰਜਾਬ ਤੋਂ ਕੌਮੀ ਪ੍ਰਧਾਨ ਡਾ ਰਮੇਸ਼ ਕੁਮਾਰ ਬਾਲੀ, ਰਾਜਸਥਾਨ ਤੋਂ ਕੌਮੀ ਚੇਅਰਮੈਨ ਡਾ ਜੀ ਆਰ ਵਰਮਾ, ਦਿੱਲੀ ਤੋਂ ਕੌਮੀ ਸਕੱਤਰ ਜਨਰਲ ਡਾ ਸੰਦੀਪ ਅਗਰਵਾਲ, ਕੌਮੀ ਸੀਨੀਅਰ ਮੀਤ ਪ੍ਰਧਾਨ ਡਾ ਰਾਮ ਪ੍ਰਸ਼ਾਦ, ਕੌਮੀ ਮੀਤ ਪ੍ਰਧਾਨ ਡਾ ਗੁਰਬਖਸ਼ ਸਿੰਘ ਗਿੱਲ, ਹਿਮਾਚਲ ਤੋਂ ਕੌਮੀ ਐਗਜੈਕਟਿਵ ਮੈਂਬਰ ਡਾ ਜਗਜੀਵਨ ਸਿੰਘ ਸਹੋਤਾ, ਕੌਮੀ ਸਕੱਤਰ ਸਕੱਤਰ ਜਨਰਲ ਡਾ ਪਿਆਰੇ ਲਾਲ ਹਿਮਾਚਲ, ਹਿਮਾਚਲ ਤੋਂ ਐਗਜੈਕਟਿਵ ਮੈਂਬਰ ਡਾ ਹਰਪਾਲ ਸਿੰਘ, ਡਾ ਬੀਜੇਂਦਰ ਸਿੰਘ ਨੇ ਜੇਤਰ ਮੰਤਰ ਤੇ ਧਰਨੇ ਦੀ ਅਗਵਾਈ ਕੀਤੀ। ਇਸ ਮੌਕੇ ਆਲ ਇੰਡੀਆ ਮੈਡੀਕਲ ਪ੍ਰੈਕਟੀਸ਼ਨਰਜ਼ ਫੈਡਰੇਸ਼ਨ ਰਜਿ ਦੇ ਪ੍ਰਧਾਨ ਡਾ ਰਮੇਸ਼ ਕੁਮਾਰ ਬਾਲੀ ਨੇ ਗੱਲਬਾਤ ਕਰਦਿਆਂ ਦੱਸਿਆ ਕਿ ਰਜਿਸਟ੍ਰੇਸ਼ਨ ਕੀਤਾ ਜਾਵੇ। ਸਰਕਾਰਾਂ ਨਾਲ ਪੱਤਰ ਵਿਹਾਰ ਕੀਤਾ ਗਿਆ ਕਿ ਦੇਸ਼ ਵਿੱਚ ਪਿੰਡਾਂ ਵਿੱਚ ਪੱਧਰ ਦੀਆਂ ਸਿਹਤ ਸਹੂਲਤਾਂ ਲਈ ਮੈਡੀਕਲ ਪ੍ਰੈਕਟੀਸ਼ਨਰਜ਼ ਦੀਆਂ ਸੇਵਾਵਾਂ ਲਈ ਜਾਣ।
ਨੇਤਰਦਾਨ ਹੈ ਸਾਰੇ ਕੰਮਾਂ ਤੋਂ ਨਿਆਰਾ ਮਹਾ ਦਾਨ : ਡਾਕਟਰ ਕਰਨ
ਪੈਗਾਮ-ਏ-ਜਗਤ ਹੁਸ਼ਿਆਰਪੁਰ (ਸਤਨਾਮ ਸਿੰਘ ਸਹੂੰਗੜਾ)
ਨੇਤਰ ਦਾਨ ਹੈ ਮਹਾ ਦਾਨ ਇਹਨਾਂ ਵਿਚਾਰਾਂ ਦਾ ਪ੍ਰਗਟਾਵਾ ਐਸ ਐਸਐਮਓ ਹੁਸ਼ਿਆਰਪੁਰ ਡਾਕਟਰ ਕਰਨ ਕੁਮਾਰ ਸੈਣੀ ਨੇ ਅੱਖਾਂ ਦਾਨ ਕਰਨ ਦੇ ਮਹੱਤਵ ਬਾਰੇ ਜਾਗਰੂਕ ਕਰਦਿਆਂ ਕੀਤਾ। ਉਨ੍ਹਾਂ ਕਿਹਾ ਕਿ ਸਮਾਜ ਪ੍ਰਤੀ ਕੁਝ ਅਜਿਹੇ ਕਾਰਜ ਕਰਕੇ ਜਾਣੇ ਚਾਹੀਦੇ ਹਨ ਜਿਸ ਨਾਲ ਕੋਈ ਹੋਰ ਇਨਸਾਨ ਦੁਨੀਆਂ ਦੇਖ ਸਕੇ। ਅਵਾਰਡੀ ਭਾਈ ਘਨ੍ਹਈਆ ਸਮਿਤੀ ਨੇ ਦੱਸਿਆ ਕਿ ਨੇਤਰਦਾਨ ਸੰਸਥਾ ਹੁਸ਼ਿਆਰਪੁਰ ਤੇ ਰੋਟਰੀ ਕਲੱਬ ਹੁਸ਼ਿਆਰਪੁਰ ਵੱਲੋਂ ਨੇਤਰਹੀਣ ਵਿਅਕਤੀਆਂ ਨੂੰ ਨਵੀਂ ਰੌਸ਼ਨੀ ਦੇਣ ਲਈ ਲਗਾਤਾਰ ਯਤਨ ਕੀਤੇ ਜਾ ਰਹੇ ਹਨ। ਮੌਤ ਤੋਂ ਬਾਅਦ 6 ਘੰਟਿਆਂ ਦੇ ਵਿੱਚ ਨੇਤਰਦਾਨ ਕੀਤੇ ਜਾ ਸਕਦੇ ਹਨ। ਇਸ ਮੌਕੇ ਡਾਕਟਰ ਕਰਨ ਸੈਣੀ ਨੇ ਦੱਸਿਆ ਕਿ ਸਾਨੂੰ ਸਮਾਜ ਨੂੰ ਨੇਤਰਦਾਨ ਲਈ ਪ੍ਰੇਰਿਤ ਕਰਨਾ ਚਾਹੀਦਾ ਹੈ ਤਾਂ ਜੋ ਨੇਤਰਹੀਣ ਵਿਅਕਤੀ ਵੀ ਦੁਨੀਆਂ ਦੇ ਸੁੰਦਰ ਨਜ਼ਾਰੇ ਦੇਖ ਸਕਣ। ਇਸ ਮੌਕੇ ਸਟਾਫ਼ ਮੈਂਬਰ ਮੌਜੂਦ ਸਨ।
ਖਾਲਸਾ ਕਾਲਜ ਮਾਹਿਲਪੁਰ ਵਿਖੇ ਕੇਂਦਰੀ ਪੰਜਾਬੀ ਲੇਖਕ ਸਭਾ ਦੀ ਅਗਵਾਈ ਹੇਠ ਸਾਹਿਤਕ ਇਕੱਠ ਦਾ ਆਯੋਜਨ ਕੀਤਾ
ਪੈਗਾਮ-ਏ-ਜਗਤ ਮਾਹਿਲਪੁਰ (ਸਤਨਾਮ ਸਿੰਘ ਸਹੂੰਗੜਾ)
ਕੇਂਦਰੀ ਪੰਜਾਬੀ ਲੇਖਕ ਸਭਾ (ਸੇਖੋਂ) (ਰਜਿ.) ਅਤੇ ਕਲਮਾਂ ਦਾ ਕਾਫ਼ਲਾ ਵੱਲੋਂ ਪੰਜਾਬੀ ਸਾਹਿਤ ਸਭਾ ਵੱਲੋਂ ਪੰਜਾਬੀ ਸਾਹਿਤ ਸਭਾ ਮਾਹਿਲਪੁਰ ਦੇ ਸਹਿਯੋਗ ਨਾਲ ਸ਼੍ਰੀ ਗੁਰੂ ਗੋਬਿੰਦ ਸਿੰਘ ਖਾਲਸਾ ਕਾਲਜ ਮਾਹਿਲਪੁਰ ਜ਼ਿਲ੍ਹਾ ਹੁਸ਼ਿਆਰਪੁਰ ਵਿਖੇ ਨਾਮਵਰ ਸਾਹਿਤਕਾਰ ਗੁਰਮੇਲ ਸਿੰਘ ਰਾਂਝਾ ਦੀ ਅਗਵਾਈ ਹੇਠ ਸਾਹਿਤਕ ਇਕੱਠ ਕਰਵਾਇਆ ਗਿਆ।
ਕਰਵਾਏ ਇਸ ਸਾਹਿਤਕ ਇਕੱਠ ਵਿੱਚ ਗਿਆਨੀ ਸਾਹਿਤਕਾਰਾਂ ਅਤੇ ਕਵੀਆਂ ਨੇ ਭਾਗ ਲਿਆ। ਇਸ ਮੌਕੇ ਪ੍ਰਿੰਸੀਪਲ ਡਾ. ਪਰਵਿੰਦਰ ਸਿੰਘ ਦੀ ਅਗਵਾਈ ਹੇਠ ਪ੍ਰੋਗਰਾਮ ਦੀ ਸ਼ੁਰੂਆਤ ਕੀਤੀ ਗਈ। ਹਰਮੀਤ ਕੌਰ, ਗੁਰਦੀਪ ਸੈਣੀ, ਬਲਜਿੰਦਰ ਸਿੰਘ, ਰਣਜੀਤ ਪੋਸੀ, ਸਰਬਜੀਤ, ਤਰਨਵੀਰ ਗੋਇਲ, ਸੇਵਾ ਸਿੰਘ ਨੂਰਪੁਰੀ, ਪਰਮਜੀਤ ਸਿੰਘ, ਅਮਰੀਕ ਹਮਰਾਜ਼ ਸਮੇਤ ਕਈ ਕਵੀਆਂ ਨੇ ਆਪਣੀਆਂ ਰਚਨਾਵਾਂ ਪੇਸ਼ ਕੀਤੀਆਂ। ਅੰਤ ਵਿੱਚ ਮੰਚ ਵੱਲੋਂ ਸਾਰੇ ਕਵੀਆਂ ਦਾ ਸਨਮਾਨ ਕੀਤਾ ਗਿਆ।
